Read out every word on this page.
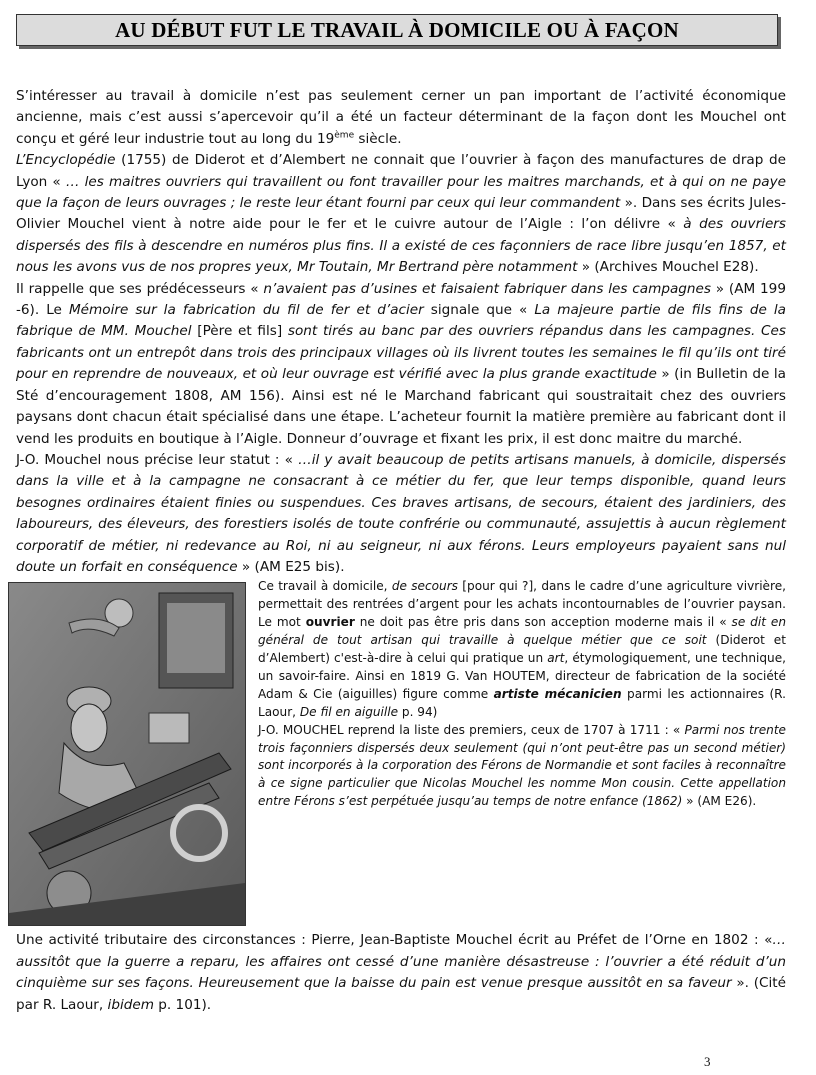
AU DÉBUT FUT LE TRAVAIL À DOMICILE OU À FAÇON

S’intéresser au travail à domicile n’est pas seulement cerner un pan important de l’activité économique ancienne, mais c’est aussi s’apercevoir qu’il a été un facteur déterminant de la façon dont les Mouchel ont conçu et géré leur industrie tout au long du 19ème siècle.

L’Encyclopédie (1755) de Diderot et d’Alembert ne connait que l’ouvrier à façon des manufactures de drap de Lyon « … les maitres ouvriers qui travaillent ou font travailler pour les maitres marchands, et à qui on ne paye que la façon de leurs ouvrages ; le reste leur étant fourni par ceux qui leur commandent ». Dans ses écrits Jules-Olivier Mouchel vient à notre aide pour le fer et le cuivre autour de l’Aigle : l’on délivre « à des ouvriers dispersés des fils à descendre en numéros plus fins. Il a existé de ces façonniers de race libre jusqu’en 1857, et nous les avons vus de nos propres yeux, Mr Toutain, Mr Bertrand père notamment » (Archives Mouchel E28).

Il rappelle que ses prédécesseurs « n’avaient pas d’usines et faisaient fabriquer dans les campagnes » (AM 199 -6). Le Mémoire sur la fabrication du fil de fer et d’acier signale que « La majeure partie de fils fins de la fabrique de MM. Mouchel [Père et fils] sont tirés au banc par des ouvriers répandus dans les campagnes. Ces fabricants ont un entrepôt dans trois des principaux villages où ils livrent toutes les semaines le fil qu’ils ont tiré pour en reprendre de nouveaux, et où leur ouvrage est vérifié avec la plus grande exactitude » (in Bulletin de la Sté d’encouragement 1808, AM 156). Ainsi est né le Marchand fabricant qui soustraitait chez des ouvriers paysans dont chacun était spécialisé dans une étape. L’acheteur fournit la matière première au fabricant dont il vend les produits en boutique à l’Aigle. Donneur d’ouvrage et fixant les prix, il est donc maitre du marché.

J-O. Mouchel nous précise leur statut : « …il y avait beaucoup de petits artisans manuels, à domicile, dispersés dans la ville et à la campagne ne consacrant à ce métier du fer, que leur temps disponible, quand leurs besognes ordinaires étaient finies ou suspendues. Ces braves artisans, de secours, étaient des jardiniers, des laboureurs, des éleveurs, des forestiers isolés de toute confrérie ou communauté, assujettis à aucun règlement corporatif de métier, ni redevance au Roi, ni au seigneur, ni aux férons. Leurs employeurs payaient sans nul doute un forfait en conséquence » (AM E25 bis).

Ce travail à domicile, de secours [pour qui ?], dans le cadre d’une agriculture vivrière, permettait des rentrées d’argent pour les achats incontournables de l’ouvrier paysan. Le mot ouvrier ne doit pas être pris dans son acception moderne mais il « se dit en général de tout artisan qui travaille à quelque métier que ce soit (Diderot et d’Alembert) c'est-à-dire à celui qui pratique un art, étymologiquement, une technique, un savoir-faire. Ainsi en 1819 G. Van HOUTEM, directeur de fabrication de la société Adam & Cie (aiguilles) figure comme artiste mécanicien parmi les actionnaires (R. Laour, De fil en aiguille p. 94)

J-O. MOUCHEL reprend la liste des premiers, ceux de 1707 à 1711 : « Parmi nos trente trois façonniers dispersés deux seulement (qui n’ont peut-être pas un second métier) sont incorporés à la corporation des Férons de Normandie et sont faciles à reconnaître à ce signe particulier que Nicolas Mouchel les nomme Mon cousin. Cette appellation entre Férons s’est perpétuée jusqu’au temps de notre enfance (1862) » (AM E26).

Une activité tributaire des circonstances : Pierre, Jean-Baptiste Mouchel écrit au Préfet de l’Orne en 1802 : «… aussitôt que la guerre a reparu, les affaires ont cessé d’une manière désastreuse : l’ouvrier a été réduit d’un cinquième sur ses façons. Heureusement que la baisse du pain est venue presque aussitôt en sa faveur ». (Cité par R. Laour, ibidem p. 101).

3
